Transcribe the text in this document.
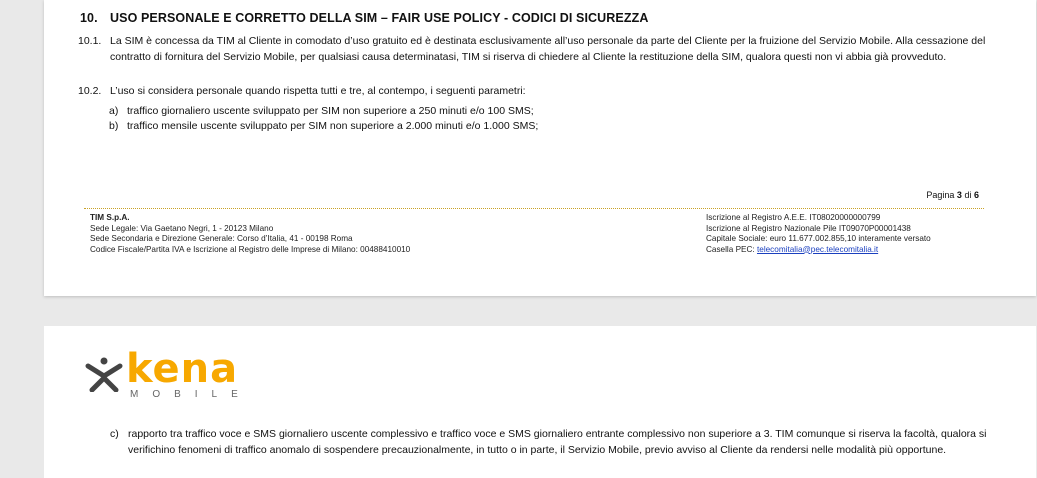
10. USO PERSONALE E CORRETTO DELLA SIM – FAIR USE POLICY - CODICI DI SICUREZZA
10.1. La SIM è concessa da TIM al Cliente in comodato d’uso gratuito ed è destinata esclusivamente all’uso personale da parte del Cliente per la fruizione del Servizio Mobile. Alla cessazione del contratto di fornitura del Servizio Mobile, per qualsiasi causa determinatasi, TIM si riserva di chiedere al Cliente la restituzione della SIM, qualora questi non vi abbia già provveduto.
10.2. L’uso si considera personale quando rispetta tutti e tre, al contempo, i seguenti parametri:
a) traffico giornaliero uscente sviluppato per SIM non superiore a 250 minuti e/o 100 SMS;
b) traffico mensile uscente sviluppato per SIM non superiore a 2.000 minuti e/o 1.000 SMS;
Pagina 3 di 6
TIM S.p.A.
Sede Legale: Via Gaetano Negri, 1 - 20123 Milano
Sede Secondaria e Direzione Generale: Corso d’Italia, 41 - 00198 Roma
Codice Fiscale/Partita IVA e Iscrizione al Registro delle Imprese di Milano: 00488410010
Iscrizione al Registro A.E.E. IT08020000000799
Iscrizione al Registro Nazionale Pile IT09070P00001438
Capitale Sociale: euro 11.677.002.855,10 interamente versato
Casella PEC: telecomitalia@pec.telecomitalia.it
kena
MOBILE
c) rapporto tra traffico voce e SMS giornaliero uscente complessivo e traffico voce e SMS giornaliero entrante complessivo non superiore a 3. TIM comunque si riserva la facoltà, qualora si verifichino fenomeni di traffico anomalo di sospendere precauzionalmente, in tutto o in parte, il Servizio Mobile, previo avviso al Cliente da rendersi nelle modalità più opportune.
